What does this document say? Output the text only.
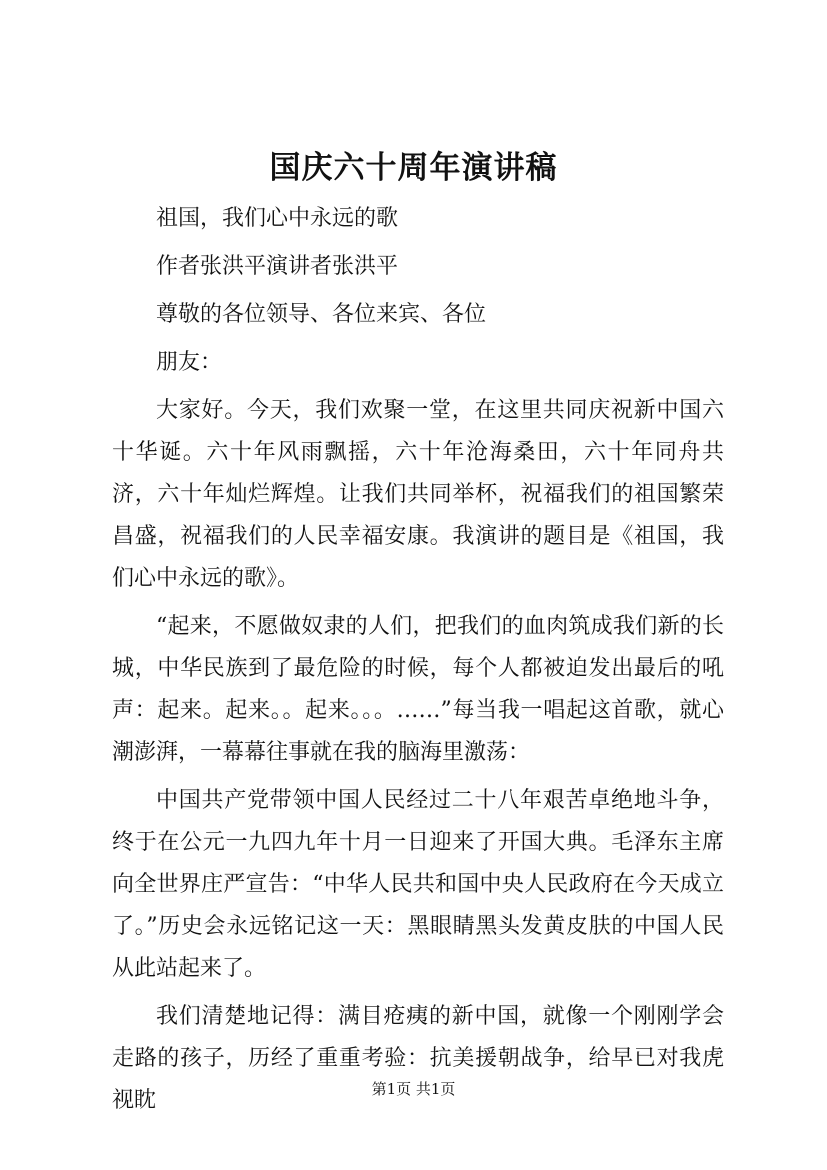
国庆六十周年演讲稿

祖国，我们心中永远的歌

作者张洪平演讲者张洪平

尊敬的各位领导、各位来宾、各位

朋友：

大家好。今天，我们欢聚一堂，在这里共同庆祝新中国六十华诞。六十年风雨飘摇，六十年沧海桑田，六十年同舟共济，六十年灿烂辉煌。让我们共同举杯，祝福我们的祖国繁荣昌盛，祝福我们的人民幸福安康。我演讲的题目是《祖国，我们心中永远的歌》。

“起来，不愿做奴隶的人们，把我们的血肉筑成我们新的长城，中华民族到了最危险的时候，每个人都被迫发出最后的吼声：起来。起来。。起来。。。……”每当我一唱起这首歌，就心潮澎湃，一幕幕往事就在我的脑海里激荡：

中国共产党带领中国人民经过二十八年艰苦卓绝地斗争，终于在公元一九四九年十月一日迎来了开国大典。毛泽东主席向全世界庄严宣告：“中华人民共和国中央人民政府在今天成立了。”历史会永远铭记这一天：黑眼睛黑头发黄皮肤的中国人民从此站起来了。

我们清楚地记得：满目疮痍的新中国，就像一个刚刚学会走路的孩子，历经了重重考验：抗美援朝战争，给早已对我虎视眈	第1页 共1页
